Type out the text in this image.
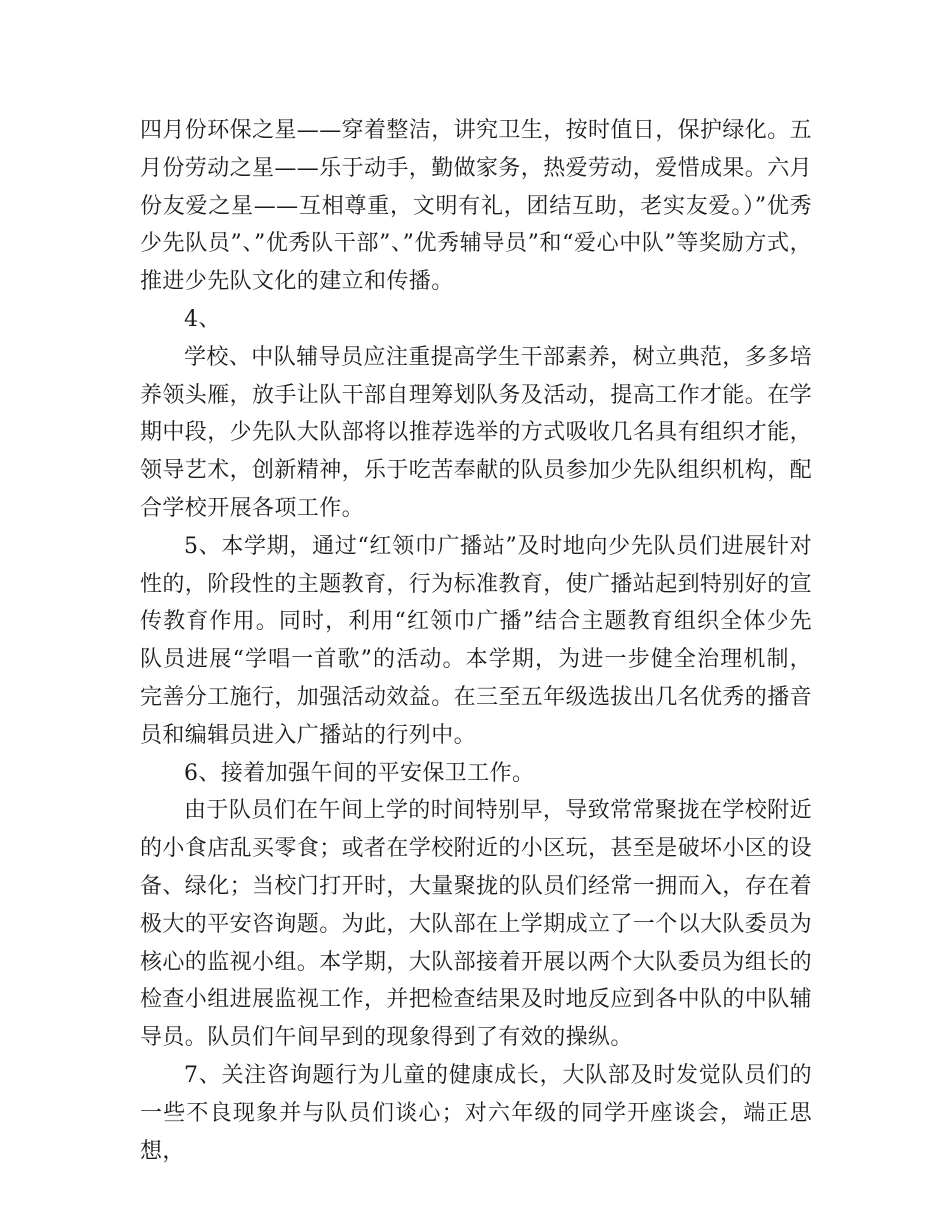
四月份环保之星——穿着整洁，讲究卫生，按时值日，保护绿化。五月份劳动之星——乐于动手，勤做家务，热爱劳动，爱惜成果。六月份友爱之星——互相尊重，文明有礼，团结互助，老实友爱。）”优秀少先队员”、”优秀队干部”、”优秀辅导员”和“爱心中队”等奖励方式，推进少先队文化的建立和传播。

4、

学校、中队辅导员应注重提高学生干部素养，树立典范，多多培养领头雁，放手让队干部自理筹划队务及活动，提高工作才能。在学期中段，少先队大队部将以推荐选举的方式吸收几名具有组织才能，领导艺术，创新精神，乐于吃苦奉献的队员参加少先队组织机构，配合学校开展各项工作。

5、本学期，通过“红领巾广播站”及时地向少先队员们进展针对性的，阶段性的主题教育，行为标准教育，使广播站起到特别好的宣传教育作用。同时，利用“红领巾广播”结合主题教育组织全体少先队员进展“学唱一首歌”的活动。本学期，为进一步健全治理机制，完善分工施行，加强活动效益。在三至五年级选拔出几名优秀的播音员和编辑员进入广播站的行列中。

6、接着加强午间的平安保卫工作。

由于队员们在午间上学的时间特别早，导致常常聚拢在学校附近的小食店乱买零食；或者在学校附近的小区玩，甚至是破坏小区的设备、绿化；当校门打开时，大量聚拢的队员们经常一拥而入，存在着极大的平安咨询题。为此，大队部在上学期成立了一个以大队委员为核心的监视小组。本学期，大队部接着开展以两个大队委员为组长的检查小组进展监视工作，并把检查结果及时地反应到各中队的中队辅导员。队员们午间早到的现象得到了有效的操纵。

7、关注咨询题行为儿童的健康成长，大队部及时发觉队员们的一些不良现象并与队员们谈心；对六年级的同学开座谈会，端正思想，
